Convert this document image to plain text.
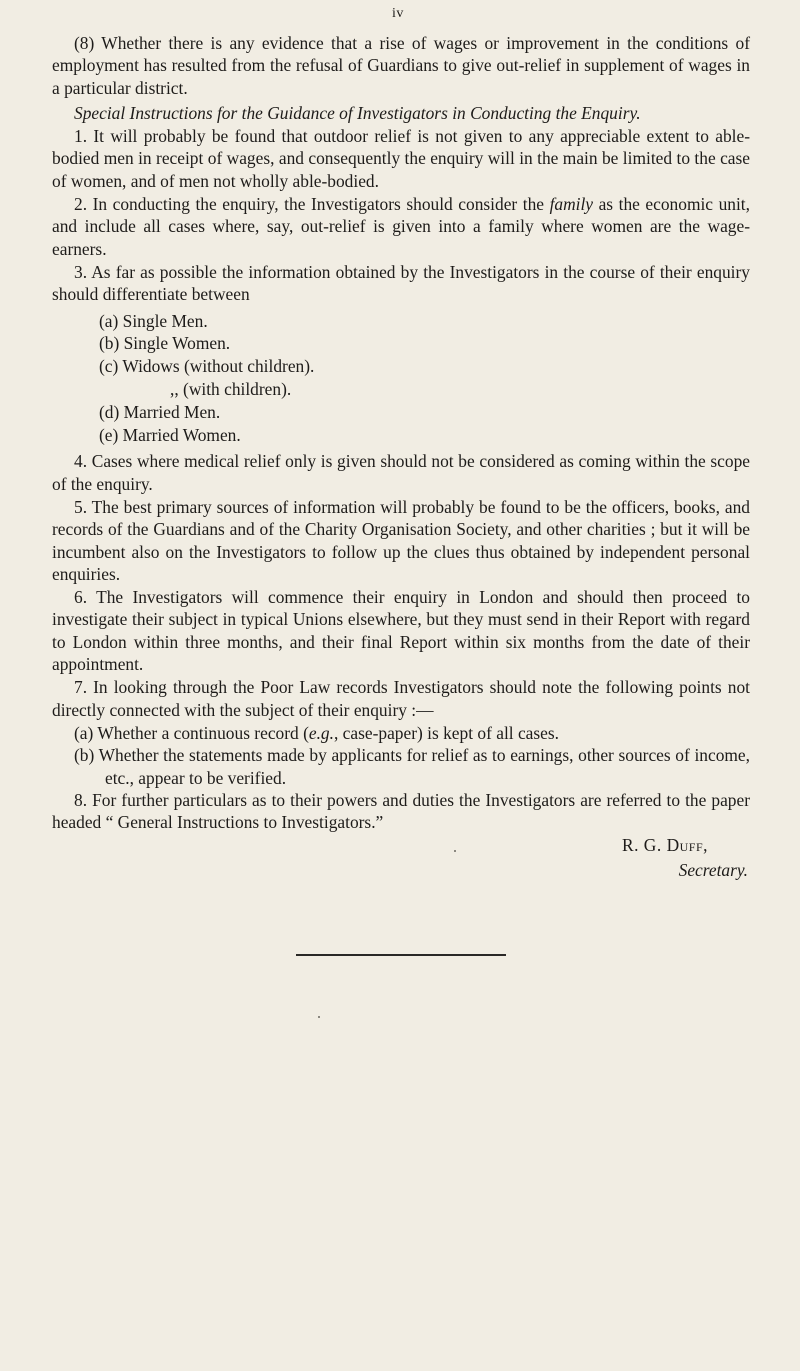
iv

(8) Whether there is any evidence that a rise of wages or improvement in the conditions of employment has resulted from the refusal of Guardians to give out-relief in supplement of wages in a particular district.

Special Instructions for the Guidance of Investigators in Conducting the Enquiry.

1. It will probably be found that outdoor relief is not given to any appreciable extent to able-bodied men in receipt of wages, and consequently the enquiry will in the main be limited to the case of women, and of men not wholly able-bodied.

2. In conducting the enquiry, the Investigators should consider the family as the economic unit, and include all cases where, say, out-relief is given into a family where women are the wage-earners.

3. As far as possible the information obtained by the Investigators in the course of their enquiry should differentiate between

(a) Single Men.
(b) Single Women.
(c) Widows (without children).
,, (with children).
(d) Married Men.
(e) Married Women.

4. Cases where medical relief only is given should not be considered as coming within the scope of the enquiry.

5. The best primary sources of information will probably be found to be the officers, books, and records of the Guardians and of the Charity Organisation Society, and other charities ; but it will be incumbent also on the Investigators to follow up the clues thus obtained by independent personal enquiries.

6. The Investigators will commence their enquiry in London and should then proceed to investigate their subject in typical Unions elsewhere, but they must send in their Report with regard to London within three months, and their final Report within six months from the date of their appointment.

7. In looking through the Poor Law records Investigators should note the following points not directly connected with the subject of their enquiry :—

(a) Whether a continuous record (e.g., case-paper) is kept of all cases.

(b) Whether the statements made by applicants for relief as to earnings, other sources of income, etc., appear to be verified.

8. For further particulars as to their powers and duties the Investigators are referred to the paper headed “ General Instructions to Investigators.”

R. G. Duff,
Secretary.
